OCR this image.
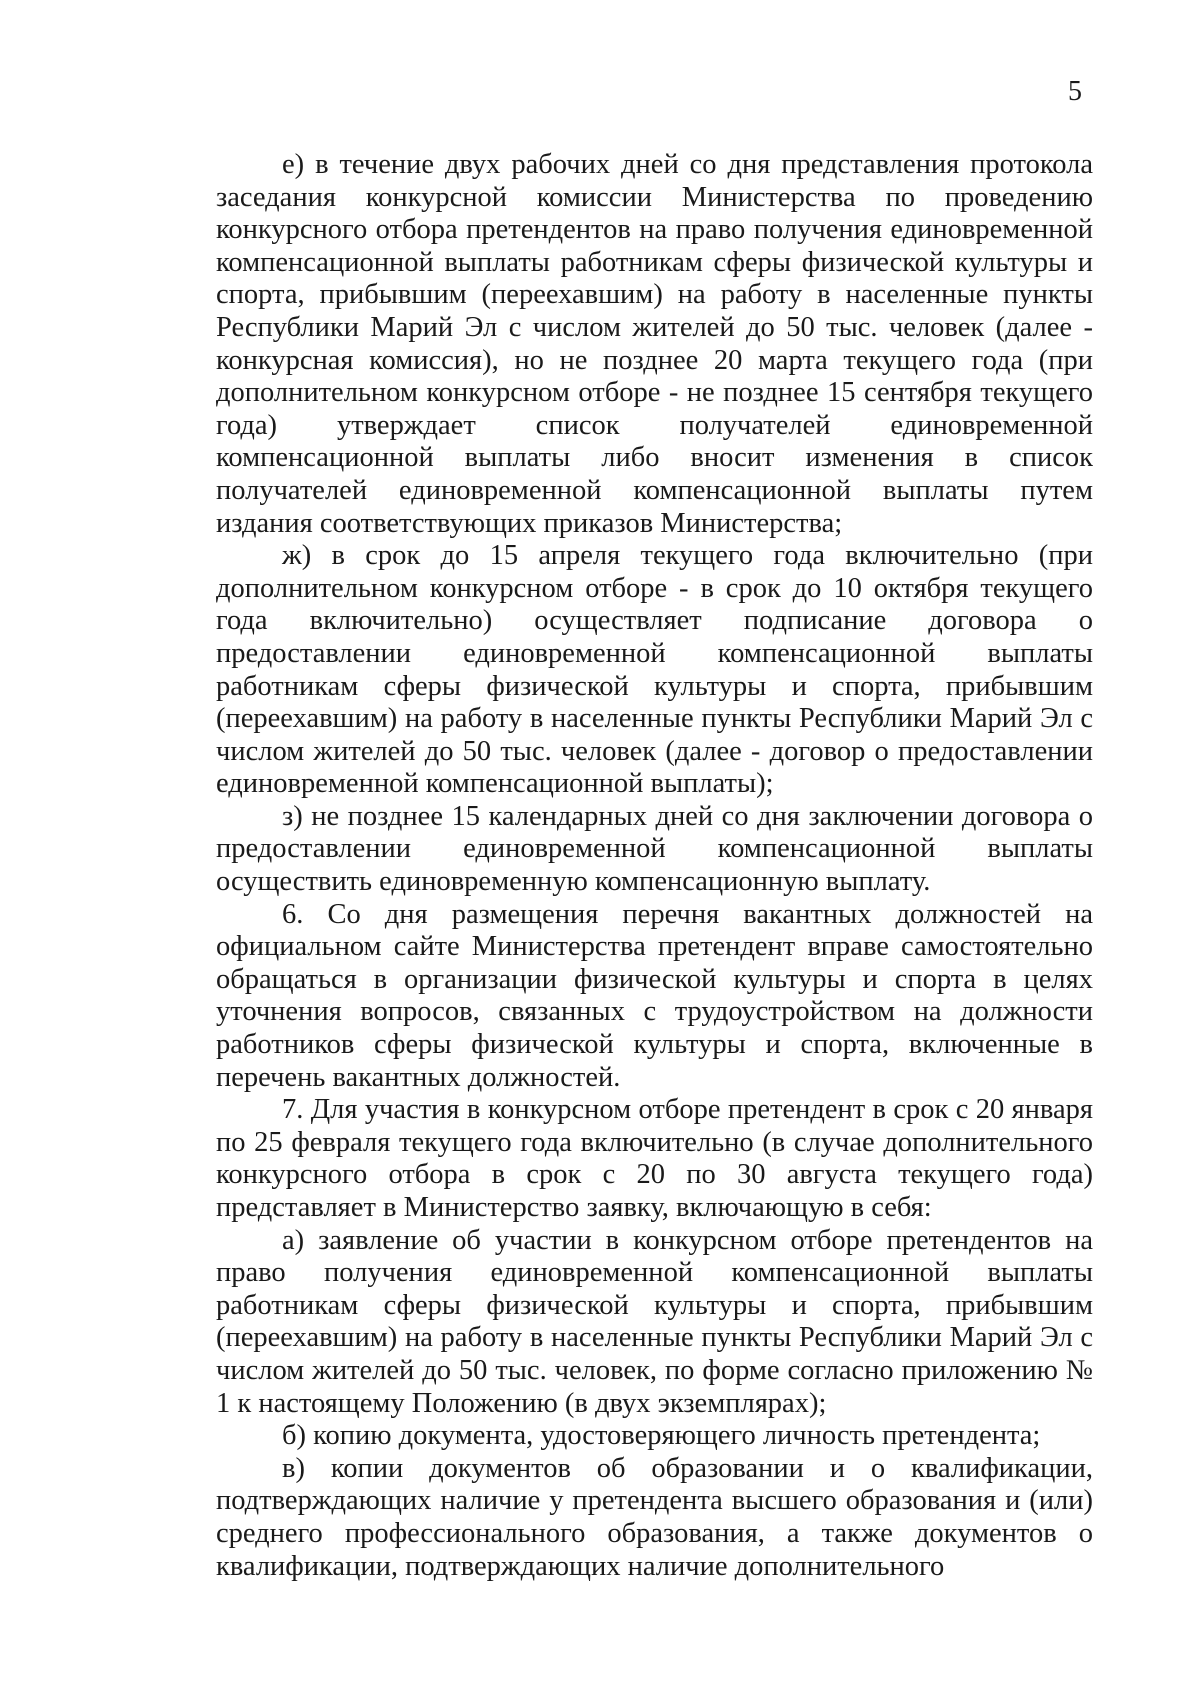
5

е) в течение двух рабочих дней со дня представления протокола заседания конкурсной комиссии Министерства по проведению конкурсного отбора претендентов на право получения единовременной компенсационной выплаты работникам сферы физической культуры и спорта, прибывшим (переехавшим) на работу в населенные пункты Республики Марий Эл с числом жителей до 50 тыс. человек (далее - конкурсная комиссия), но не позднее 20 марта текущего года (при дополнительном конкурсном отборе - не позднее 15 сентября текущего года) утверждает список получателей единовременной компенсационной выплаты либо вносит изменения в список получателей единовременной компенсационной выплаты путем издания соответствующих приказов Министерства;

ж) в срок до 15 апреля текущего года включительно (при дополнительном конкурсном отборе - в срок до 10 октября текущего года включительно) осуществляет подписание договора о предоставлении единовременной компенсационной выплаты работникам сферы физической культуры и спорта, прибывшим (переехавшим) на работу в населенные пункты Республики Марий Эл с числом жителей до 50 тыс. человек (далее - договор о предоставлении единовременной компенсационной выплаты);

з) не позднее 15 календарных дней со дня заключении договора о предоставлении единовременной компенсационной выплаты осуществить единовременную компенсационную выплату.

6. Со дня размещения перечня вакантных должностей на официальном сайте Министерства претендент вправе самостоятельно обращаться в организации физической культуры и спорта в целях уточнения вопросов, связанных с трудоустройством на должности работников сферы физической культуры и спорта, включенные в перечень вакантных должностей.

7. Для участия в конкурсном отборе претендент в срок с 20 января по 25 февраля текущего года включительно (в случае дополнительного конкурсного отбора в срок с 20 по 30 августа текущего года) представляет в Министерство заявку, включающую в себя:

а) заявление об участии в конкурсном отборе претендентов на право получения единовременной компенсационной выплаты работникам сферы физической культуры и спорта, прибывшим (переехавшим) на работу в населенные пункты Республики Марий Эл с числом жителей до 50 тыс. человек, по форме согласно приложению № 1 к настоящему Положению (в двух экземплярах);

б) копию документа, удостоверяющего личность претендента;

в) копии документов об образовании и о квалификации, подтверждающих наличие у претендента высшего образования и (или) среднего профессионального образования, а также документов о квалификации, подтверждающих наличие дополнительного
